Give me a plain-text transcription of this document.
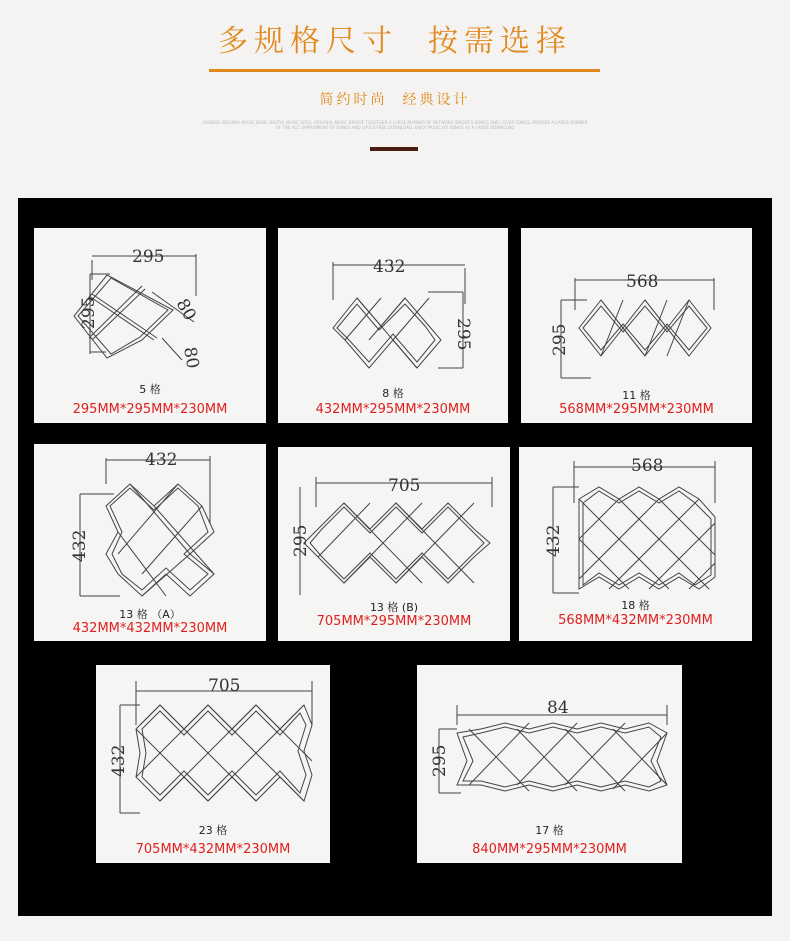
多规格尺寸 按需选择
简约时尚 经典设计
CHINESE ORIGINAL MUSIC BASE, DIGITAL MUSIC SITES, ORIGINAL MUSIC BRIDGE TOGETHER A LARGE NUMBER OF NETWORK SINGER'S SONGS AND COVER SONGS, PROVIDE A LARGE NUMBER OF THE ACC OMPANIMENT OF SONGS AND LYRICS FREE DOWNLOAD, ENJOY MUSIC OR SONGS AS A LARGE DOWNLOAD
295
295	80
80
5 格
295MM*295MM*230MM
432
295
8 格
432MM*295MM*230MM
568
295
11 格
568MM*295MM*230MM
432
432
13 格 （A）
432MM*432MM*230MM
705
295
13 格 (B)
705MM*295MM*230MM
568
432
18 格
568MM*432MM*230MM
705
432
23 格
705MM*432MM*230MM
84
295
17 格
840MM*295MM*230MM
